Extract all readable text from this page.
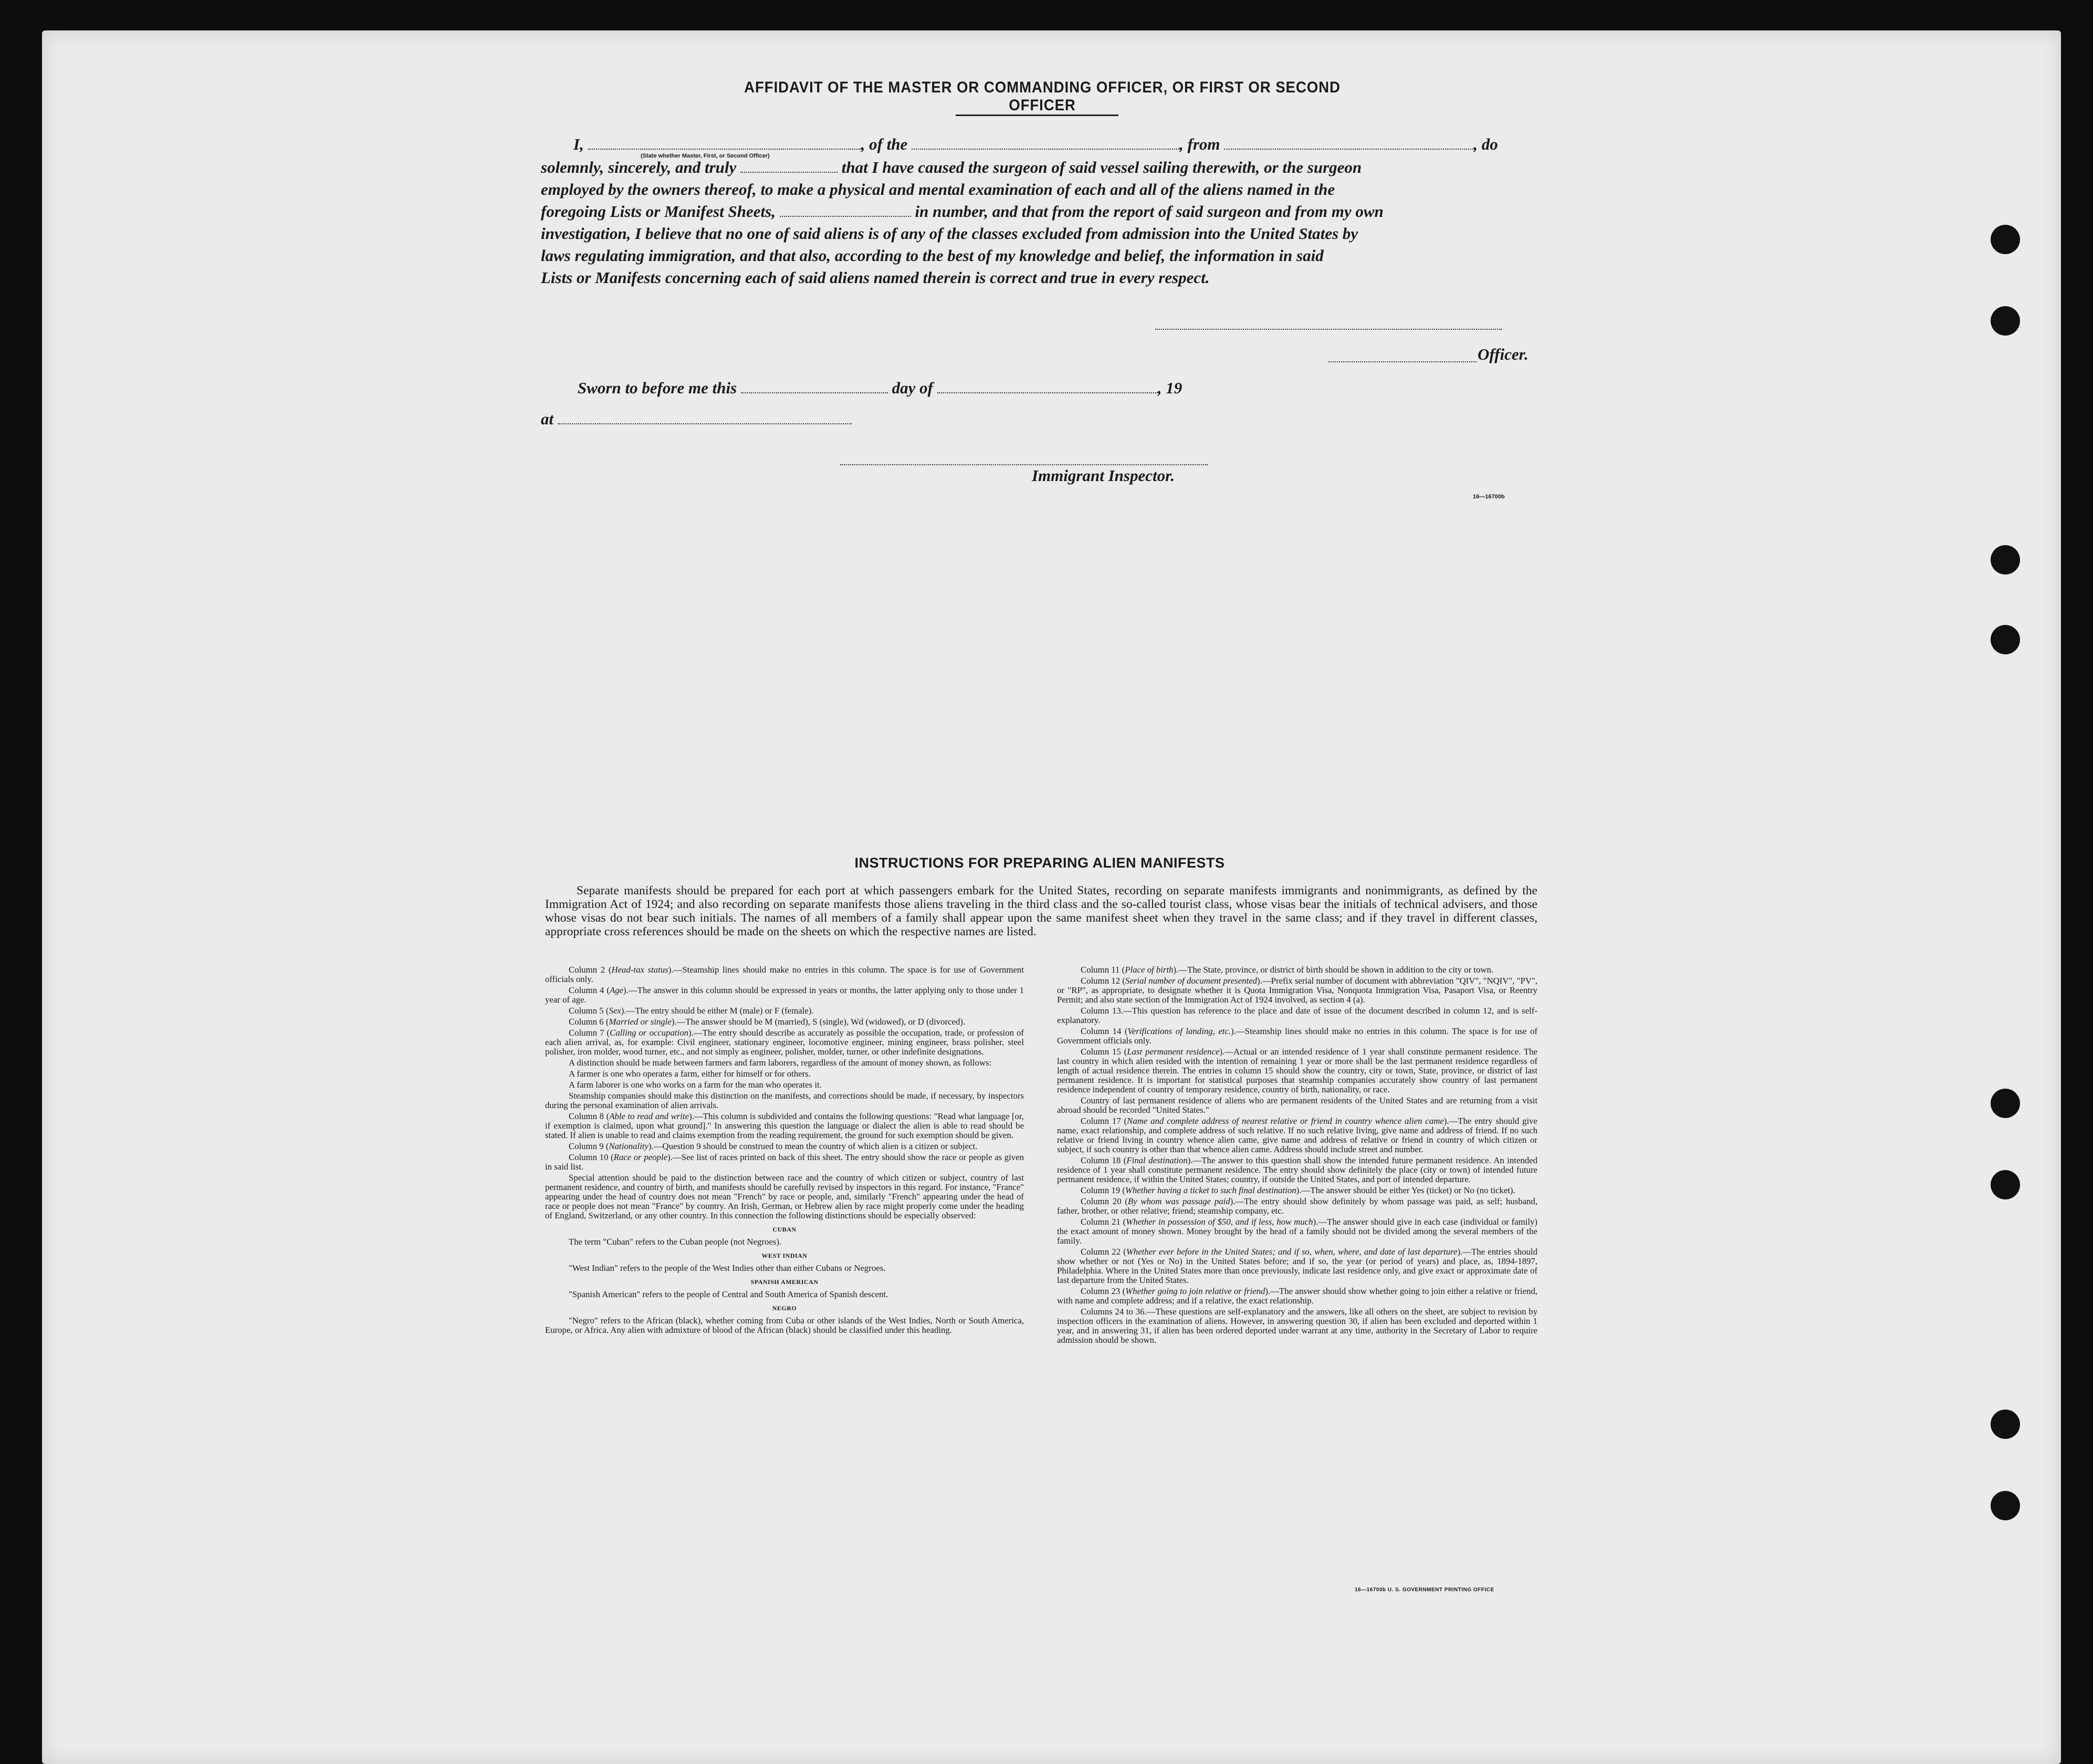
AFFIDAVIT OF THE MASTER OR COMMANDING OFFICER, OR FIRST OR SECOND OFFICER
I,	, of the	, from	, do
(State whether Master, First, or Second Officer)
solemnly, sincerely, and truly	that I have caused the surgeon of said vessel sailing therewith, or the surgeon
employed by the owners thereof, to make a physical and mental examination of each and all of the aliens named in the
foregoing Lists or Manifest Sheets,	in number, and that from the report of said surgeon and from my own
investigation, I believe that no one of said aliens is of any of the classes excluded from admission into the United States by
laws regulating immigration, and that also, according to the best of my knowledge and belief, the information in said
Lists or Manifests concerning each of said aliens named therein is correct and true in every respect.
Officer.
Sworn to before me this	day of	, 19
at
Immigrant Inspector.
16—16700b
INSTRUCTIONS FOR PREPARING ALIEN MANIFESTS
Separate manifests should be prepared for each port at which passengers embark for the United States, recording on separate manifests immigrants and nonimmigrants, as defined by the Immigration Act of 1924; and also recording on separate manifests those aliens traveling in the third class and the so-called tourist class, whose visas bear the initials of technical advisers, and those whose visas do not bear such initials. The names of all members of a family shall appear upon the same manifest sheet when they travel in the same class; and if they travel in different classes, appropriate cross references should be made on the sheets on which the respective names are listed.

Column 2 (Head-tax status).—Steamship lines should make no entries in this column. The space is for use of Government officials only.

Column 4 (Age).—The answer in this column should be expressed in years or months, the latter applying only to those under 1 year of age.

Column 5 (Sex).—The entry should be either M (male) or F (female).

Column 6 (Married or single).—The answer should be M (married), S (single), Wd (widowed), or D (divorced).

Column 7 (Calling or occupation).—The entry should describe as accurately as possible the occupation, trade, or profession of each alien arrival, as, for example: Civil engineer, stationary engineer, locomotive engineer, mining engineer, brass polisher, steel polisher, iron molder, wood turner, etc., and not simply as engineer, polisher, molder, turner, or other indefinite designations.

A distinction should be made between farmers and farm laborers, regardless of the amount of money shown, as follows:

A farmer is one who operates a farm, either for himself or for others.

A farm laborer is one who works on a farm for the man who operates it.

Steamship companies should make this distinction on the manifests, and corrections should be made, if necessary, by inspectors during the personal examination of alien arrivals.

Column 8 (Able to read and write).—This column is subdivided and contains the following questions: "Read what language [or, if exemption is claimed, upon what ground]." In answering this question the language or dialect the alien is able to read should be stated. If alien is unable to read and claims exemption from the reading requirement, the ground for such exemption should be given.

Column 9 (Nationality).—Question 9 should be construed to mean the country of which alien is a citizen or subject.

Column 10 (Race or people).—See list of races printed on back of this sheet. The entry should show the race or people as given in said list.

Special attention should be paid to the distinction between race and the country of which citizen or subject, country of last permanent residence, and country of birth, and manifests should be carefully revised by inspectors in this regard. For instance, "France" appearing under the head of country does not mean "French" by race or people, and, similarly "French" appearing under the head of race or people does not mean "France" by country. An Irish, German, or Hebrew alien by race might properly come under the heading of England, Switzerland, or any other country. In this connection the following distinctions should be especially observed:

CUBAN

The term "Cuban" refers to the Cuban people (not Negroes).

WEST INDIAN

"West Indian" refers to the people of the West Indies other than either Cubans or Negroes.

SPANISH AMERICAN

"Spanish American" refers to the people of Central and South America of Spanish descent.

NEGRO

"Negro" refers to the African (black), whether coming from Cuba or other islands of the West Indies, North or South America, Europe, or Africa. Any alien with admixture of blood of the African (black) should be classified under this heading.

Column 11 (Place of birth).—The State, province, or district of birth should be shown in addition to the city or town.

Column 12 (Serial number of document presented).—Prefix serial number of document with abbreviation "QIV", "NQIV", "PV", or "RP", as appropriate, to designate whether it is Quota Immigration Visa, Nonquota Immigration Visa, Pasaport Visa, or Reentry Permit; and also state section of the Immigration Act of 1924 involved, as section 4 (a).

Column 13.—This question has reference to the place and date of issue of the document described in column 12, and is self-explanatory.

Column 14 (Verifications of landing, etc.).—Steamship lines should make no entries in this column. The space is for use of Government officials only.

Column 15 (Last permanent residence).—Actual or an intended residence of 1 year shall constitute permanent residence. The last country in which alien resided with the intention of remaining 1 year or more shall be the last permanent residence regardless of length of actual residence therein. The entries in column 15 should show the country, city or town, State, province, or district of last permanent residence. It is important for statistical purposes that steamship companies accurately show country of last permanent residence independent of country of temporary residence, country of birth, nationality, or race.

Country of last permanent residence of aliens who are permanent residents of the United States and are returning from a visit abroad should be recorded "United States."

Column 17 (Name and complete address of nearest relative or friend in country whence alien came).—The entry should give name, exact relationship, and complete address of such relative. If no such relative living, give name and address of friend. If no such relative or friend living in country whence alien came, give name and address of relative or friend in country of which citizen or subject, if such country is other than that whence alien came. Address should include street and number.

Column 18 (Final destination).—The answer to this question shall show the intended future permanent residence. An intended residence of 1 year shall constitute permanent residence. The entry should show definitely the place (city or town) of intended future permanent residence, if within the United States; country, if outside the United States, and port of intended departure.

Column 19 (Whether having a ticket to such final destination).—The answer should be either Yes (ticket) or No (no ticket).

Column 20 (By whom was passage paid).—The entry should show definitely by whom passage was paid, as self; husband, father, brother, or other relative; friend; steamship company, etc.

Column 21 (Whether in possession of $50, and if less, how much).—The answer should give in each case (individual or family) the exact amount of money shown. Money brought by the head of a family should not be divided among the several members of the family.

Column 22 (Whether ever before in the United States; and if so, when, where, and date of last departure).—The entries should show whether or not (Yes or No) in the United States before; and if so, the year (or period of years) and place, as, 1894-1897, Philadelphia. Where in the United States more than once previously, indicate last residence only, and give exact or approximate date of last departure from the United States.

Column 23 (Whether going to join relative or friend).—The answer should show whether going to join either a relative or friend, with name and complete address; and if a relative, the exact relationship.

Columns 24 to 36.—These questions are self-explanatory and the answers, like all others on the sheet, are subject to revision by inspection officers in the examination of aliens. However, in answering question 30, if alien has been excluded and deported within 1 year, and in answering 31, if alien has been ordered deported under warrant at any time, authority in the Secretary of Labor to require admission should be shown.

16—16700b U. S. GOVERNMENT PRINTING OFFICE
